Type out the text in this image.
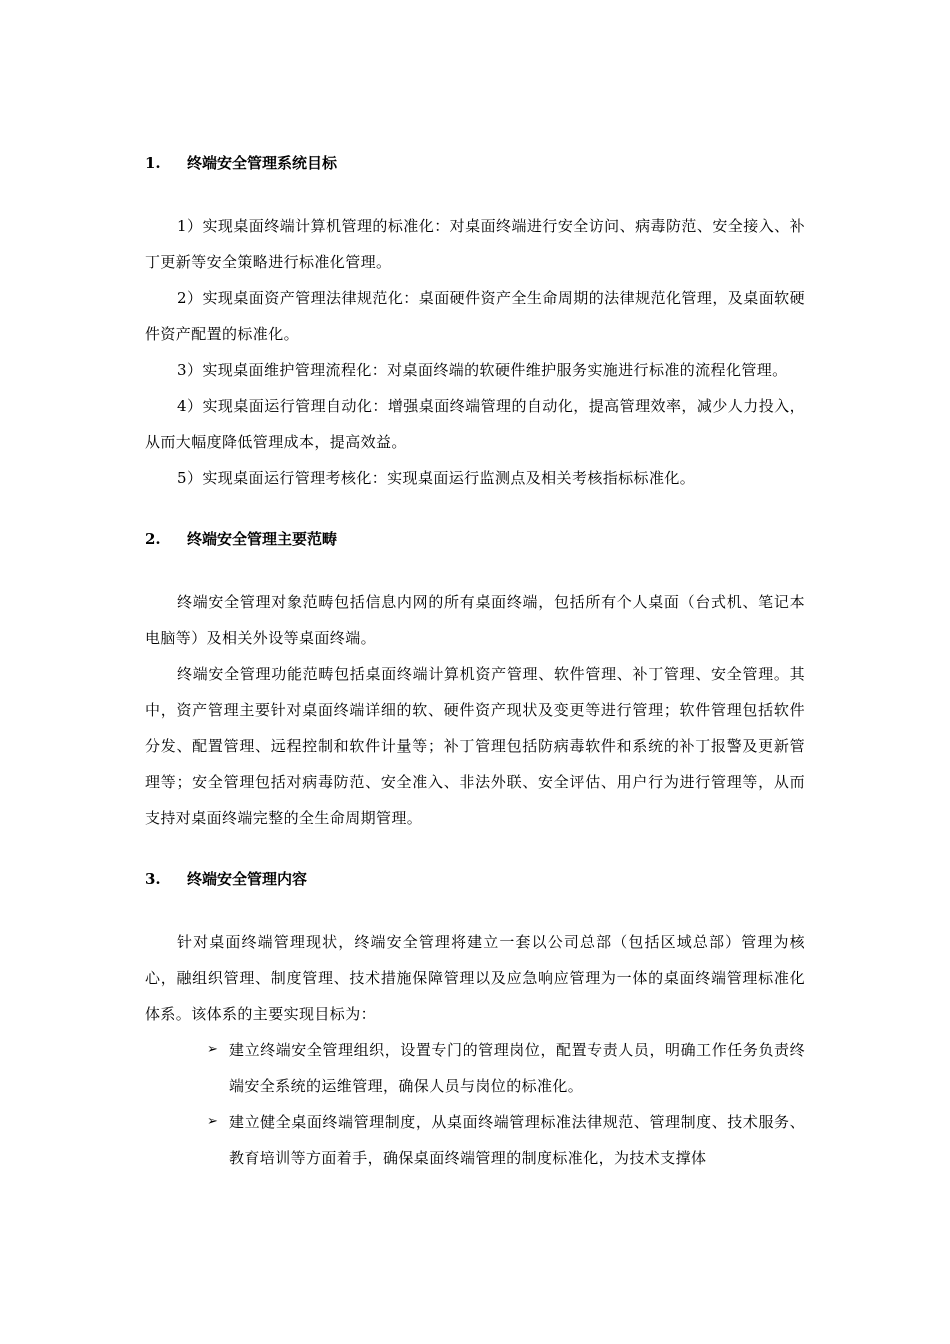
1. 终端安全管理系统目标

1）实现桌面终端计算机管理的标准化：对桌面终端进行安全访问、病毒防范、安全接入、补丁更新等安全策略进行标准化管理。

2）实现桌面资产管理法律规范化：桌面硬件资产全生命周期的法律规范化管理，及桌面软硬件资产配置的标准化。

3）实现桌面维护管理流程化：对桌面终端的软硬件维护服务实施进行标准的流程化管理。

4）实现桌面运行管理自动化：增强桌面终端管理的自动化，提高管理效率，减少人力投入，从而大幅度降低管理成本，提高效益。

5）实现桌面运行管理考核化：实现桌面运行监测点及相关考核指标标准化。

2. 终端安全管理主要范畴

终端安全管理对象范畴包括信息内网的所有桌面终端，包括所有个人桌面（台式机、笔记本电脑等）及相关外设等桌面终端。

终端安全管理功能范畴包括桌面终端计算机资产管理、软件管理、补丁管理、安全管理。其中，资产管理主要针对桌面终端详细的软、硬件资产现状及变更等进行管理；软件管理包括软件分发、配置管理、远程控制和软件计量等；补丁管理包括防病毒软件和系统的补丁报警及更新管理等；安全管理包括对病毒防范、安全准入、非法外联、安全评估、用户行为进行管理等，从而支持对桌面终端完整的全生命周期管理。

3. 终端安全管理内容

针对桌面终端管理现状，终端安全管理将建立一套以公司总部（包括区域总部）管理为核心，融组织管理、制度管理、技术措施保障管理以及应急响应管理为一体的桌面终端管理标准化体系。该体系的主要实现目标为：

➢ 建立终端安全管理组织，设置专门的管理岗位，配置专责人员，明确工作任务负责终端安全系统的运维管理，确保人员与岗位的标准化。
➢ 建立健全桌面终端管理制度，从桌面终端管理标准法律规范、管理制度、技术服务、教育培训等方面着手，确保桌面终端管理的制度标准化，为技术支撑体
